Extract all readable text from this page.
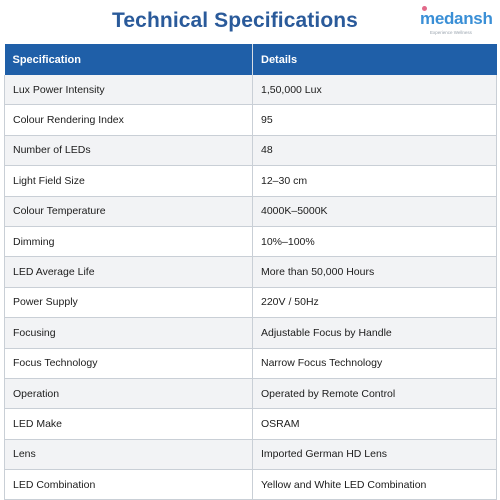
Technical Specifications	medansh
Experience Wellness
Specification	Details
Lux Power Intensity	1,50,000 Lux
Colour Rendering Index	95
Number of LEDs	48
Light Field Size	12–30 cm
Colour Temperature	4000K–5000K
Dimming	10%–100%
LED Average Life	More than 50,000 Hours
Power Supply	220V / 50Hz
Focusing	Adjustable Focus by Handle
Focus Technology	Narrow Focus Technology
Operation	Operated by Remote Control
LED Make	OSRAM
Lens	Imported German HD Lens
LED Combination	Yellow and White LED Combination
